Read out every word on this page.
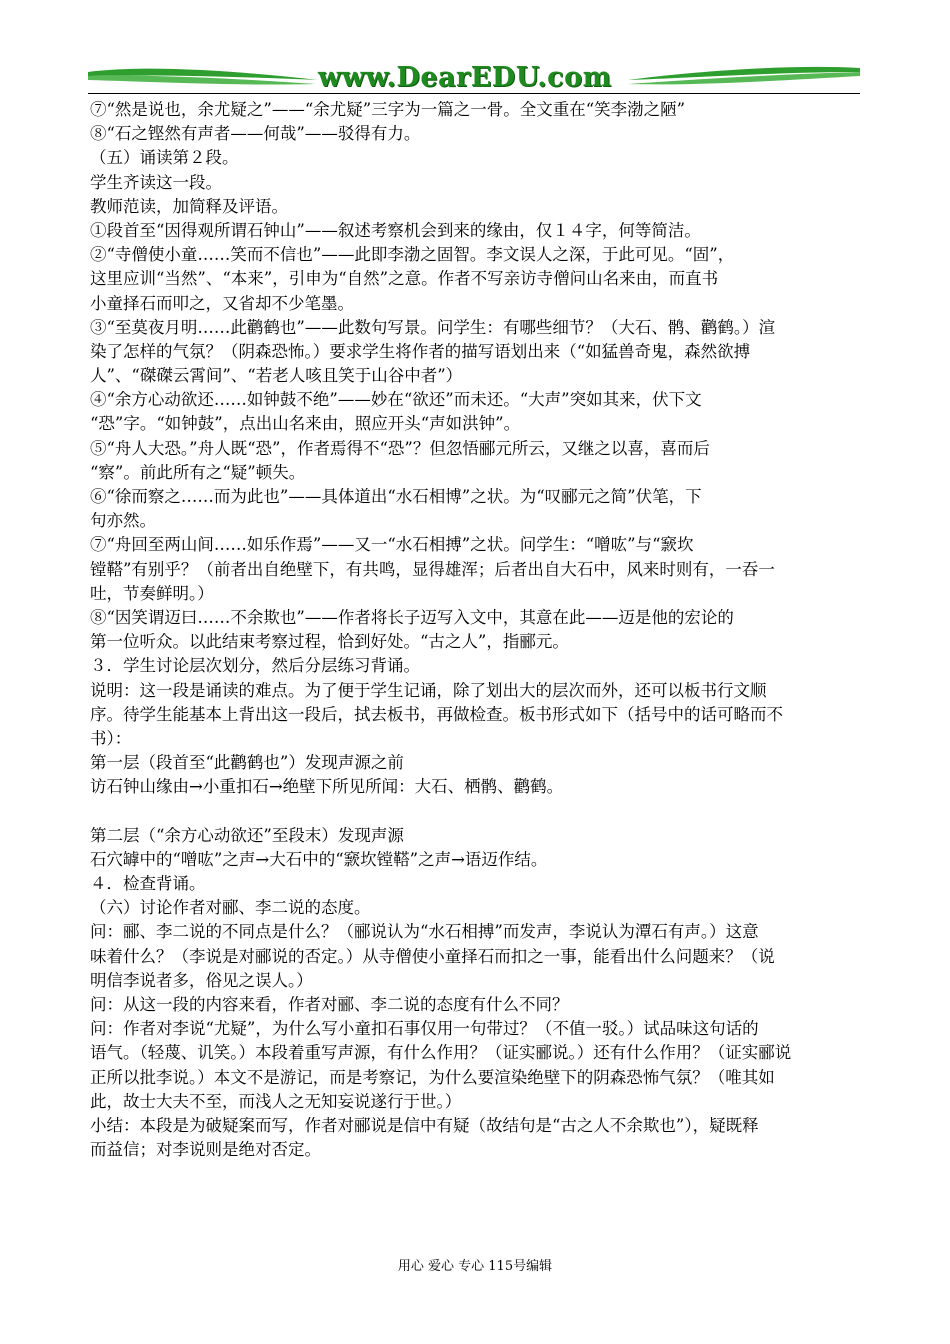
www.DearEDU.com
⑦“然是说也，余尤疑之”——“余尤疑”三字为一篇之一骨。全文重在“笑李渤之陋”
⑧“石之铿然有声者——何哉”——驳得有力。
（五）诵读第２段。
学生齐读这一段。
教师范读，加简释及评语。
①段首至“因得观所谓石钟山”——叙述考察机会到来的缘由，仅１４字，何等简洁。
②“寺僧使小童……笑而不信也”——此即李渤之固智。李文误人之深，于此可见。“固”，
这里应训“当然”、“本来”，引申为“自然”之意。作者不写亲访寺僧问山名来由，而直书
小童择石而叩之，又省却不少笔墨。
③“至莫夜月明……此鹳鹤也”——此数句写景。问学生：有哪些细节？（大石、鹘、鹳鹤。）渲
染了怎样的气氛？（阴森恐怖。）要求学生将作者的描写语划出来（“如猛兽奇鬼，森然欲搏
人”、“磔磔云霄间”、“若老人咳且笑于山谷中者”）
④“余方心动欲还……如钟鼓不绝”——妙在“欲还”而未还。“大声”突如其来，伏下文
“恐”字。“如钟鼓”，点出山名来由，照应开头“声如洪钟”。
⑤“舟人大恐。”舟人既“恐”，作者焉得不“恐”？但忽悟郦元所云，又继之以喜，喜而后
“察”。前此所有之“疑”顿失。
⑥“徐而察之……而为此也”——具体道出“水石相博”之状。为“叹郦元之简”伏笔，下
句亦然。
⑦“舟回至两山间……如乐作焉”——又一“水石相搏”之状。问学生：“噌吰”与“窾坎
镗鞳”有别乎？（前者出自绝壁下，有共鸣，显得雄浑；后者出自大石中，风来时则有，一吞一
吐，节奏鲜明。）
⑧“因笑谓迈曰……不余欺也”——作者将长子迈写入文中，其意在此——迈是他的宏论的
第一位听众。以此结束考察过程，恰到好处。“古之人”，指郦元。
３．学生讨论层次划分，然后分层练习背诵。
说明：这一段是诵读的难点。为了便于学生记诵，除了划出大的层次而外，还可以板书行文顺
序。待学生能基本上背出这一段后，拭去板书，再做检查。板书形式如下（括号中的话可略而不
书）：
第一层（段首至“此鹳鹤也”）发现声源之前
访石钟山缘由→小重扣石→绝壁下所见所闻：大石、栖鹘、鹳鹤。
第二层（“余方心动欲还”至段末）发现声源
石穴罅中的“噌吰”之声→大石中的“窾坎镗鞳”之声→语迈作结。
４．检查背诵。
（六）讨论作者对郦、李二说的态度。
问：郦、李二说的不同点是什么？（郦说认为“水石相搏”而发声，李说认为潭石有声。）这意
味着什么？（李说是对郦说的否定。）从寺僧使小童择石而扣之一事，能看出什么问题来？（说
明信李说者多，俗见之误人。）
问：从这一段的内容来看，作者对郦、李二说的态度有什么不同？
问：作者对李说“尤疑”，为什么写小童扣石事仅用一句带过？（不值一驳。）试品味这句话的
语气。（轻蔑、讥笑。）本段着重写声源，有什么作用？（证实郦说。）还有什么作用？（证实郦说
正所以批李说。）本文不是游记，而是考察记，为什么要渲染绝壁下的阴森恐怖气氛？（唯其如
此，故士大夫不至，而浅人之无知妄说遂行于世。）
小结：本段是为破疑案而写，作者对郦说是信中有疑（故结句是“古之人不余欺也”），疑既释
而益信；对李说则是绝对否定。
用心 爱心 专心 115号编辑
